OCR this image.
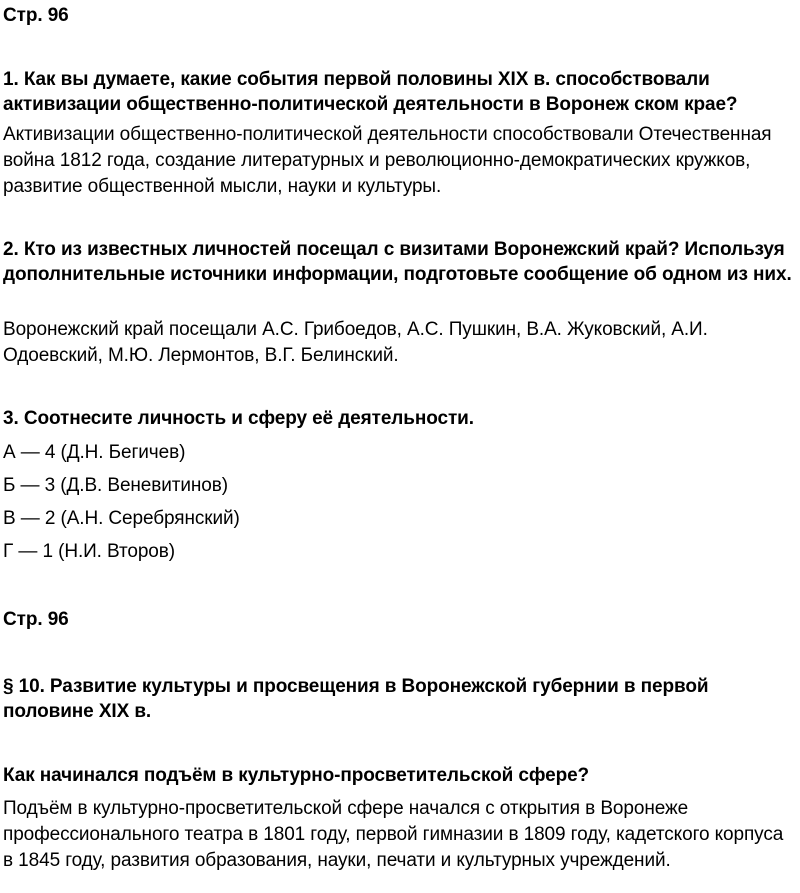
Стр. 96

1. Как вы думаете, какие события первой половины XIX в. способствовали активизации общественно-политической деятельности в Воронеж ском крае?

Активизации общественно-политической деятельности способствовали Отечественная война 1812 года, создание литературных и революционно-демократических кружков, развитие общественной мысли, науки и культуры.

2. Кто из известных личностей посещал с визитами Воронежский край? Используя дополнительные источники информации, подготовьте сообщение об одном из них.

Воронежский край посещали А.С. Грибоедов, А.С. Пушкин, В.А. Жуковский, А.И. Одоевский, М.Ю. Лермонтов, В.Г. Белинский.

3. Соотнесите личность и сферу её деятельности.

А — 4 (Д.Н. Бегичев)

Б — 3 (Д.В. Веневитинов)

В — 2 (А.Н. Серебрянский)

Г — 1 (Н.И. Второв)

Стр. 96

§ 10. Развитие культуры и просвещения в Воронежской губернии в первой половине XIX в.

Как начинался подъём в культурно-просветительской сфере?

Подъём в культурно-просветительской сфере начался с открытия в Воронеже профессионального театра в 1801 году, первой гимназии в 1809 году, кадетского корпуса в 1845 году, развития образования, науки, печати и культурных учреждений.
